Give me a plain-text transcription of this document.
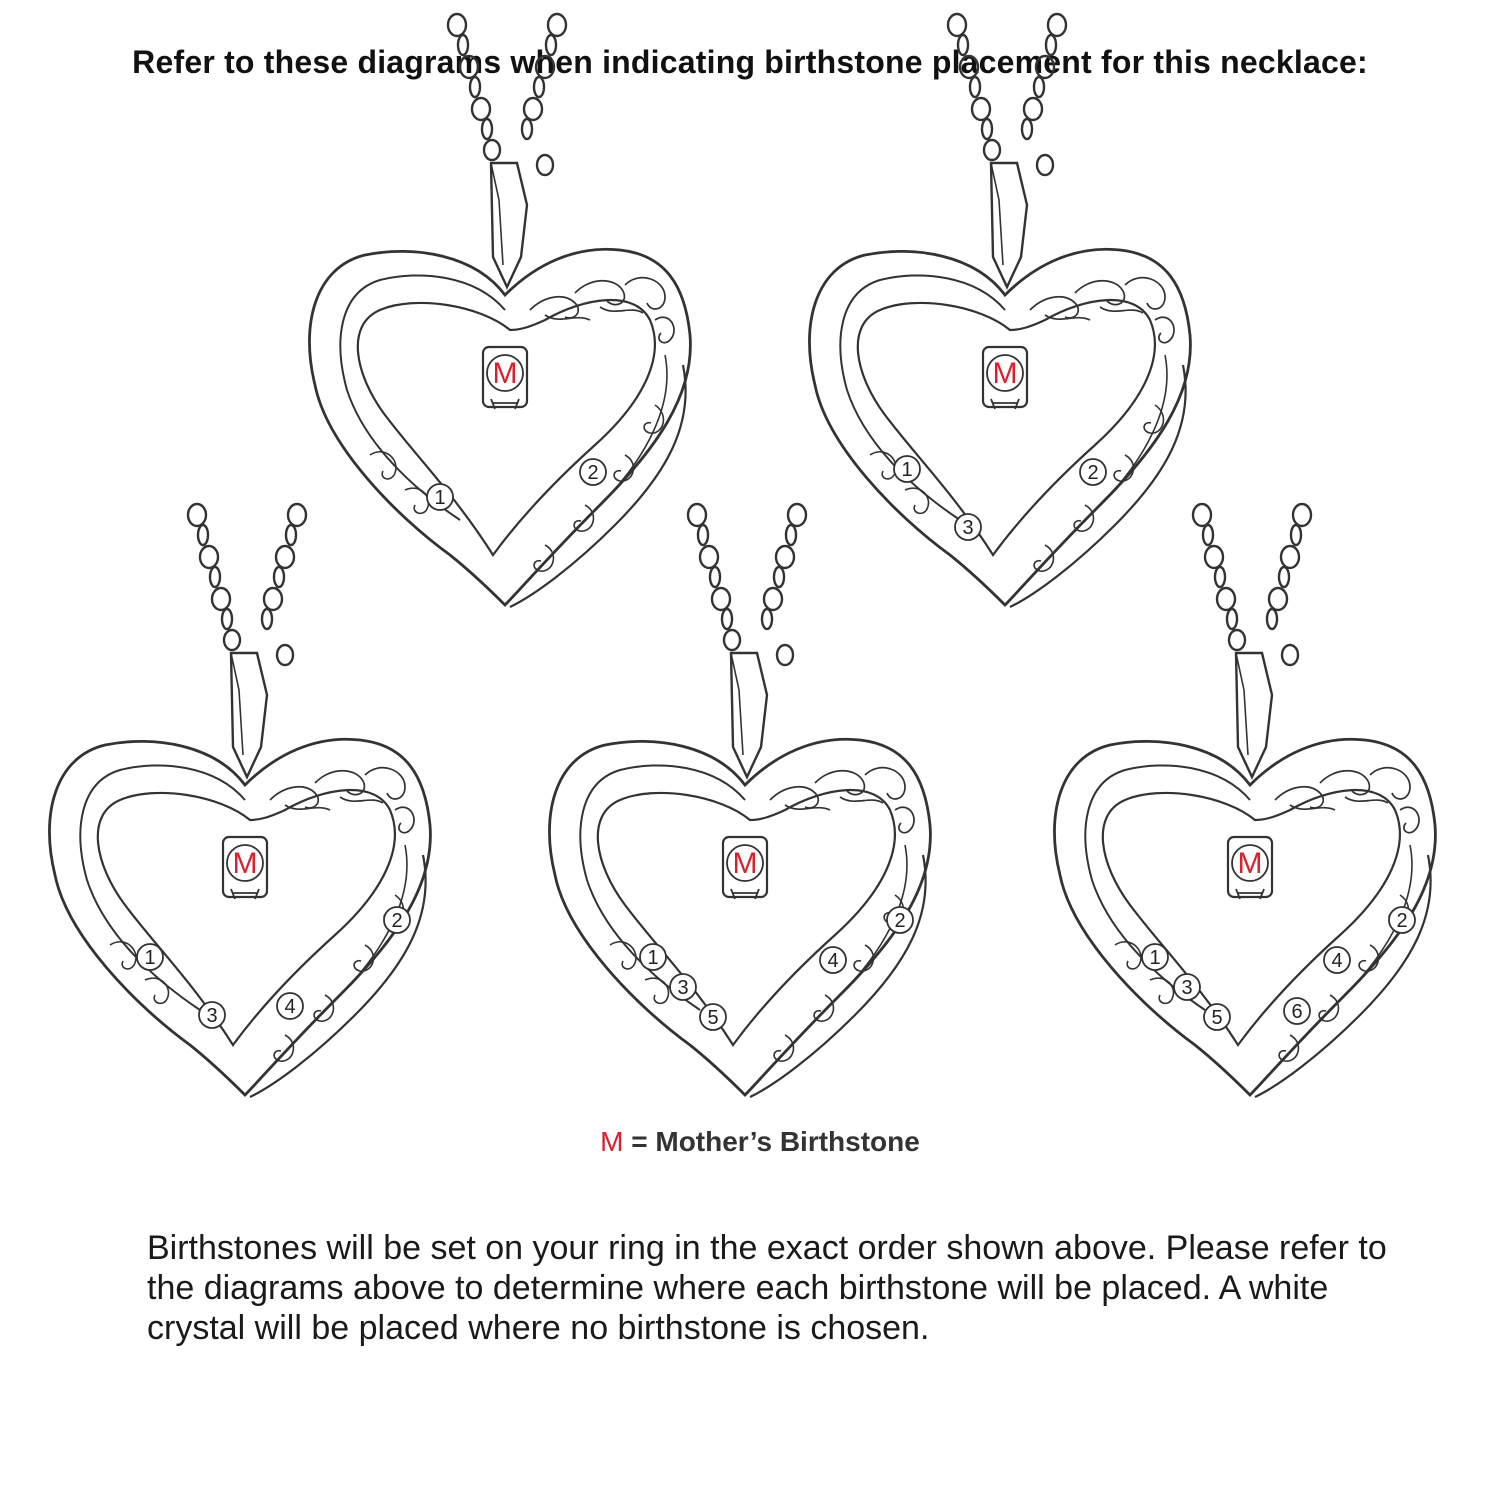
Refer to these diagrams when indicating birthstone placement for this necklace:
M
1
2
M
1	2
3
M
1
2
3	4
M
1
2
3
4
5
M
1
2
3
4
5	6
M = Mother’s Birthstone
Birthstones will be set on your ring in the exact order shown above. Please refer to the diagrams above to determine where each birthstone will be placed. A white crystal will be placed where no birthstone is chosen.
